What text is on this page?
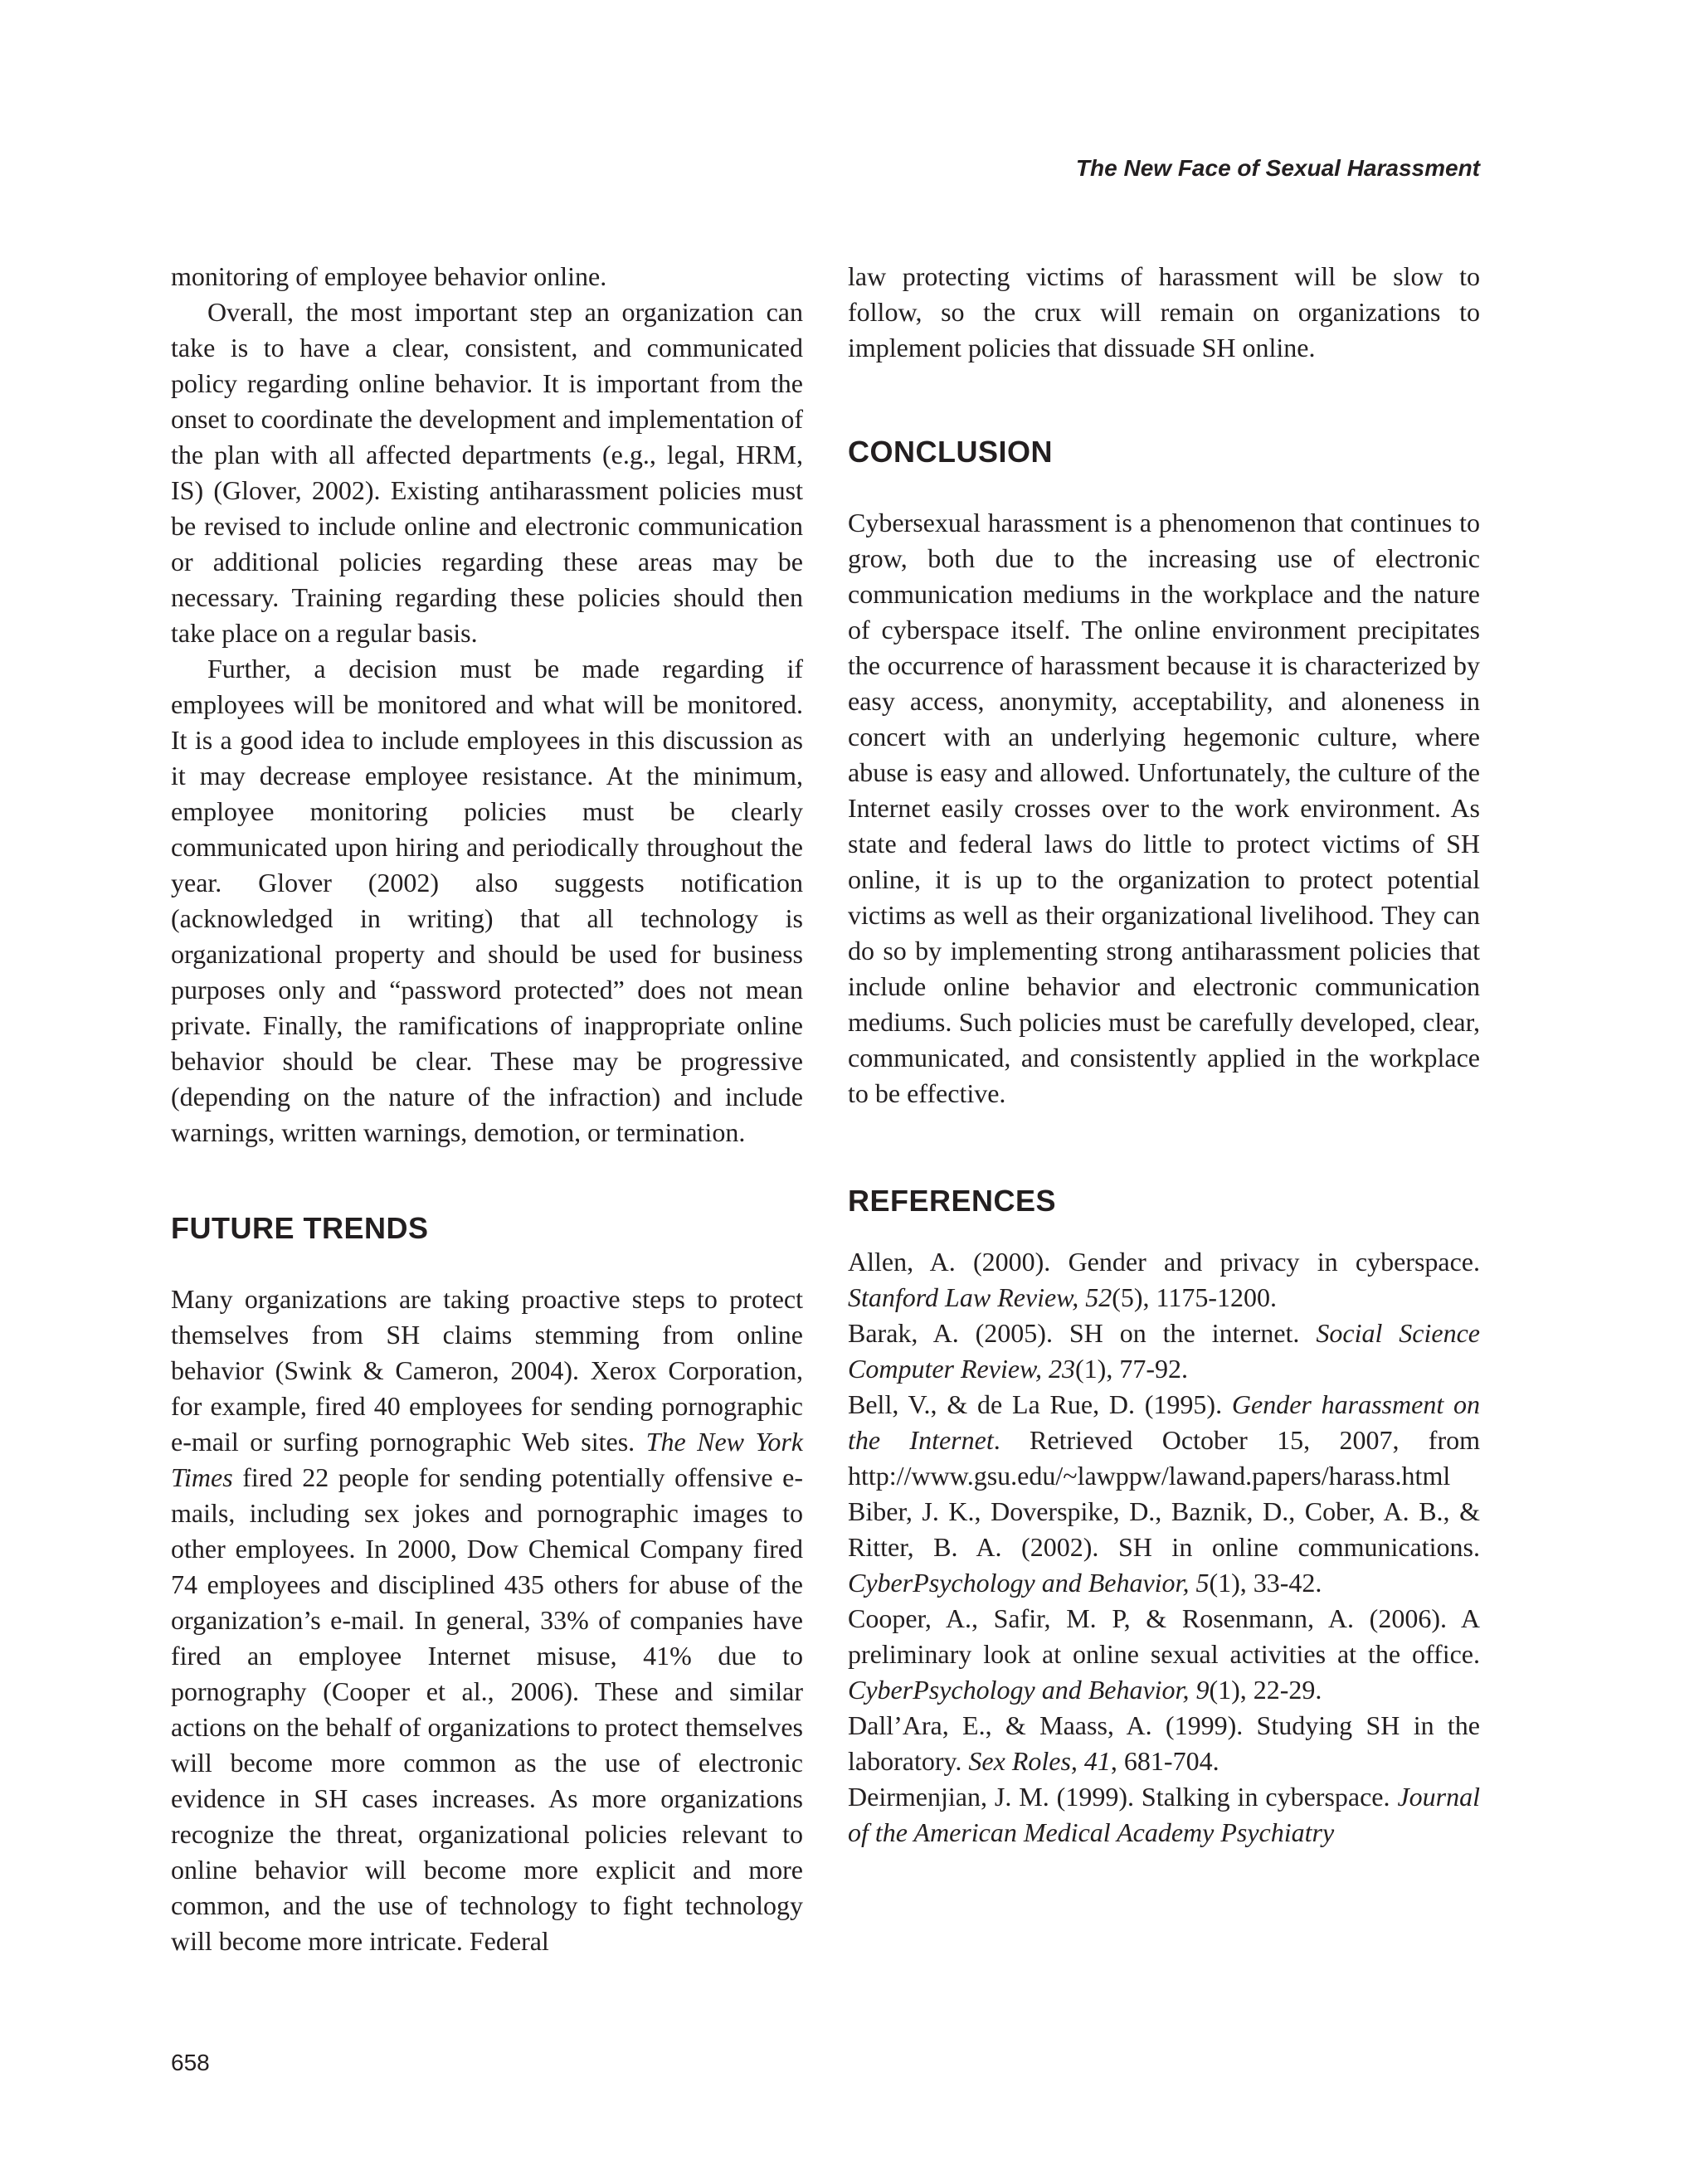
The New Face of Sexual Harassment

monitoring of employee behavior online.

Overall, the most important step an organization can take is to have a clear, consistent, and communicated policy regarding online behavior. It is important from the onset to coordinate the development and implementation of the plan with all affected departments (e.g., legal, HRM, IS) (Glover, 2002). Existing antiharassment policies must be revised to include online and electronic communication or additional policies regarding these areas may be necessary. Training regarding these policies should then take place on a regular basis.

Further, a decision must be made regarding if employees will be monitored and what will be monitored. It is a good idea to include employees in this discussion as it may decrease employee resistance. At the minimum, employee monitoring policies must be clearly communicated upon hiring and periodically throughout the year. Glover (2002) also suggests notification (acknowledged in writing) that all technology is organizational property and should be used for business purposes only and “password protected” does not mean private. Finally, the ramifications of inappropriate online behavior should be clear. These may be progressive (depending on the nature of the infraction) and include warnings, written warnings, demotion, or termination.

FUTURE TRENDS

Many organizations are taking proactive steps to protect themselves from SH claims stemming from online behavior (Swink & Cameron, 2004). Xerox Corporation, for example, fired 40 employees for sending pornographic e-mail or surfing pornographic Web sites. The New York Times fired 22 people for sending potentially offensive e-mails, including sex jokes and pornographic images to other employees. In 2000, Dow Chemical Company fired 74 employees and disciplined 435 others for abuse of the organization’s e-mail. In general, 33% of companies have fired an employee Internet misuse, 41% due to pornography (Cooper et al., 2006). These and similar actions on the behalf of organizations to protect themselves will become more common as the use of electronic evidence in SH cases increases. As more organizations recognize the threat, organizational policies relevant to online behavior will become more explicit and more common, and the use of technology to fight technology will become more intricate. Federal

law protecting victims of harassment will be slow to follow, so the crux will remain on organizations to implement policies that dissuade SH online.

CONCLUSION

Cybersexual harassment is a phenomenon that continues to grow, both due to the increasing use of electronic communication mediums in the workplace and the nature of cyberspace itself. The online environment precipitates the occurrence of harassment because it is characterized by easy access, anonymity, acceptability, and aloneness in concert with an underlying hegemonic culture, where abuse is easy and allowed. Unfortunately, the culture of the Internet easily crosses over to the work environment. As state and federal laws do little to protect victims of SH online, it is up to the organization to protect potential victims as well as their organizational livelihood. They can do so by implementing strong antiharassment policies that include online behavior and electronic communication mediums. Such policies must be carefully developed, clear, communicated, and consistently applied in the workplace to be effective.

REFERENCES

Allen, A. (2000). Gender and privacy in cyberspace. Stanford Law Review, 52(5), 1175-1200.

Barak, A. (2005). SH on the internet. Social Science Computer Review, 23(1), 77-92.

Bell, V., & de La Rue, D. (1995). Gender harassment on the Internet. Retrieved October 15, 2007, from http://www.gsu.edu/~lawppw/lawand.papers/harass.html

Biber, J. K., Doverspike, D., Baznik, D., Cober, A. B., & Ritter, B. A. (2002). SH in online communications. CyberPsychology and Behavior, 5(1), 33-42.

Cooper, A., Safir, M. P, & Rosenmann, A. (2006). A preliminary look at online sexual activities at the office. CyberPsychology and Behavior, 9(1), 22-29.

Dall’Ara, E., & Maass, A. (1999). Studying SH in the laboratory. Sex Roles, 41, 681-704.

Deirmenjian, J. M. (1999). Stalking in cyberspace. Journal of the American Medical Academy Psychiatry

658
